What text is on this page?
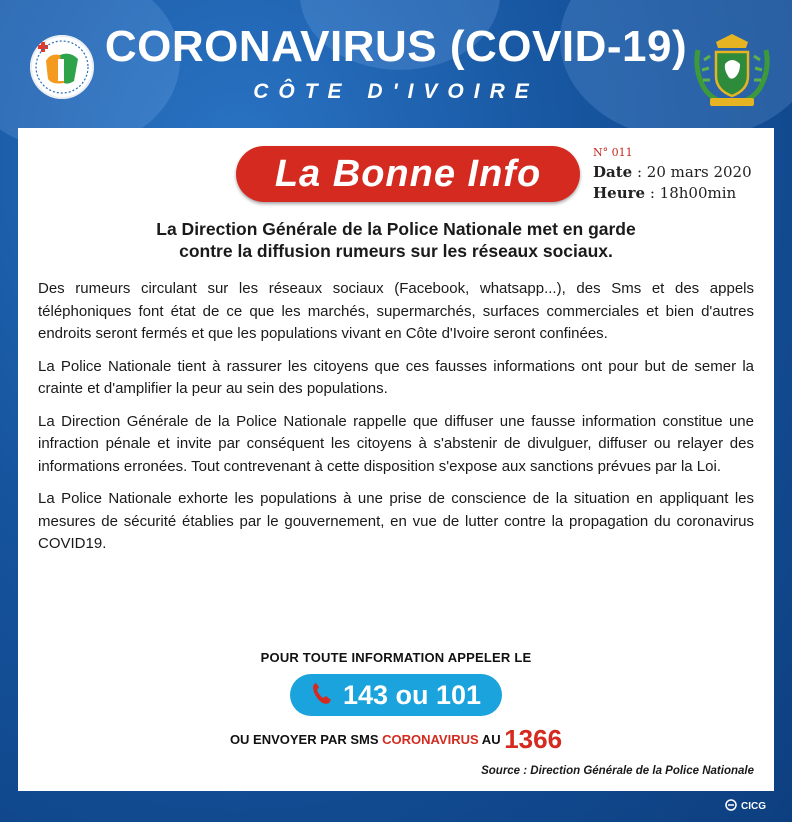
CORONAVIRUS (COVID-19)
CÔTE D'IVOIRE
La Bonne Info
N° 011
Date : 20 mars 2020
Heure : 18h00min
La Direction Générale de la Police Nationale met en garde
contre la diffusion rumeurs sur les réseaux sociaux.

Des rumeurs circulant sur les réseaux sociaux (Facebook, whatsapp...), des Sms et des appels téléphoniques font état de ce que les marchés, supermarchés, surfaces commerciales et bien d'autres endroits seront fermés et que les populations vivant en Côte d'Ivoire seront confinées.

La Police Nationale tient à rassurer les citoyens que ces fausses informations ont pour but de semer la crainte et d'amplifier la peur au sein des populations.

La Direction Générale de la Police Nationale rappelle que diffuser une fausse information constitue une infraction pénale et invite par conséquent les citoyens à s'abstenir de divulguer, diffuser ou relayer des informations erronées. Tout contrevenant à cette disposition s'expose aux sanctions prévues par la Loi.

La Police Nationale exhorte les populations à une prise de conscience de la situation en appliquant les mesures de sécurité établies par le gouvernement, en vue de lutter contre la propagation du coronavirus COVID19.

POUR TOUTE INFORMATION APPELER LE
143 ou 101
OU ENVOYER PAR SMS CORONAVIRUS AU 1366
Source : Direction Générale de la Police Nationale
CICG
